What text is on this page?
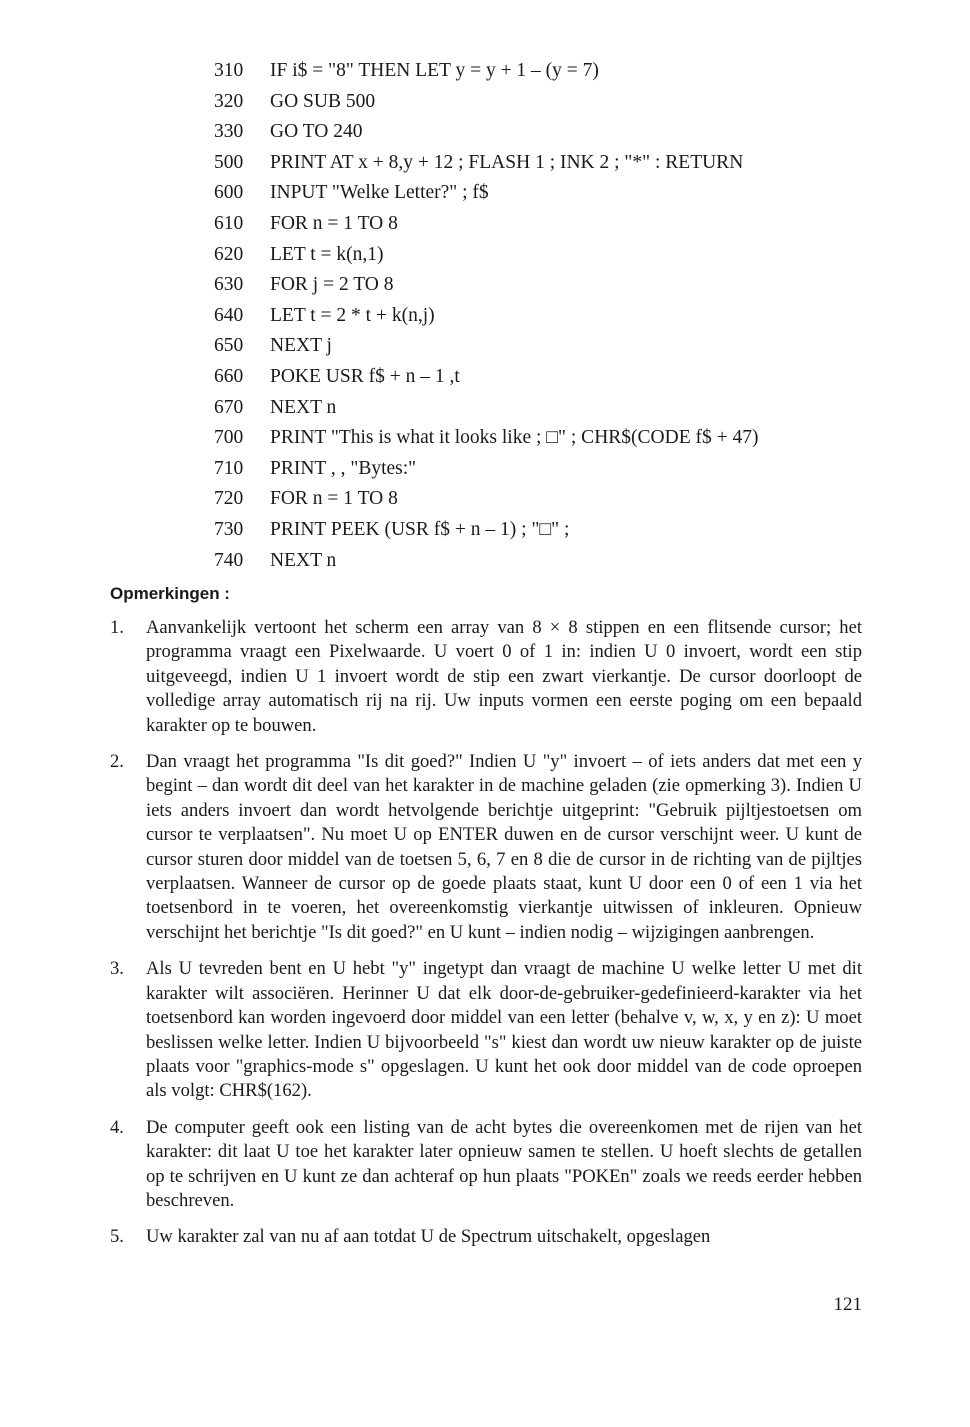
310 IF i$ = "8" THEN LET y = y + 1 – (y = 7)
320 GO SUB 500
330 GO TO 240
500 PRINT AT x + 8,y + 12 ; FLASH 1 ; INK 2 ; "*" : RETURN
600 INPUT "Welke Letter?" ; f$
610 FOR n = 1 TO 8
620 LET t = k(n,1)
630 FOR j = 2 TO 8
640 LET t = 2 * t + k(n,j)
650 NEXT j
660 POKE USR f$ + n – 1 ,t
670 NEXT n
700 PRINT "This is what it looks like ; □" ; CHR$(CODE f$ + 47)
710 PRINT , , "Bytes:"
720 FOR n = 1 TO 8
730 PRINT PEEK (USR f$ + n – 1) ; "□" ;
740 NEXT n
Opmerkingen :
1. Aanvankelijk vertoont het scherm een array van 8 × 8 stippen en een flitsende cursor; het programma vraagt een Pixelwaarde. U voert 0 of 1 in: indien U 0 invoert, wordt een stip uitgeveegd, indien U 1 invoert wordt de stip een zwart vierkantje. De cursor doorloopt de volledige array automatisch rij na rij. Uw inputs vormen een eerste poging om een bepaald karakter op te bouwen.
2. Dan vraagt het programma "Is dit goed?" Indien U "y" invoert – of iets anders dat met een y begint – dan wordt dit deel van het karakter in de machine geladen (zie opmerking 3). Indien U iets anders invoert dan wordt hetvolgende berichtje uitgeprint: "Gebruik pijltjestoetsen om cursor te verplaatsen". Nu moet U op ENTER duwen en de cursor verschijnt weer. U kunt de cursor sturen door middel van de toetsen 5, 6, 7 en 8 die de cursor in de richting van de pijltjes verplaatsen. Wanneer de cursor op de goede plaats staat, kunt U door een 0 of een 1 via het toetsenbord in te voeren, het overeenkomstig vierkantje uitwissen of inkleuren. Opnieuw verschijnt het berichtje "Is dit goed?" en U kunt – indien nodig – wijzigingen aanbrengen.
3. Als U tevreden bent en U hebt "y" ingetypt dan vraagt de machine U welke letter U met dit karakter wilt associëren. Herinner U dat elk door-de-gebruiker-gedefinieerd-karakter via het toetsenbord kan worden ingevoerd door middel van een letter (behalve v, w, x, y en z): U moet beslissen welke letter. Indien U bijvoorbeeld "s" kiest dan wordt uw nieuw karakter op de juiste plaats voor "graphics-mode s" opgeslagen. U kunt het ook door middel van de code oproepen als volgt: CHR$(162).
4. De computer geeft ook een listing van de acht bytes die overeenkomen met de rijen van het karakter: dit laat U toe het karakter later opnieuw samen te stellen. U hoeft slechts de getallen op te schrijven en U kunt ze dan achteraf op hun plaats "POKEn" zoals we reeds eerder hebben beschreven.
5. Uw karakter zal van nu af aan totdat U de Spectrum uitschakelt, opgeslagen
121
